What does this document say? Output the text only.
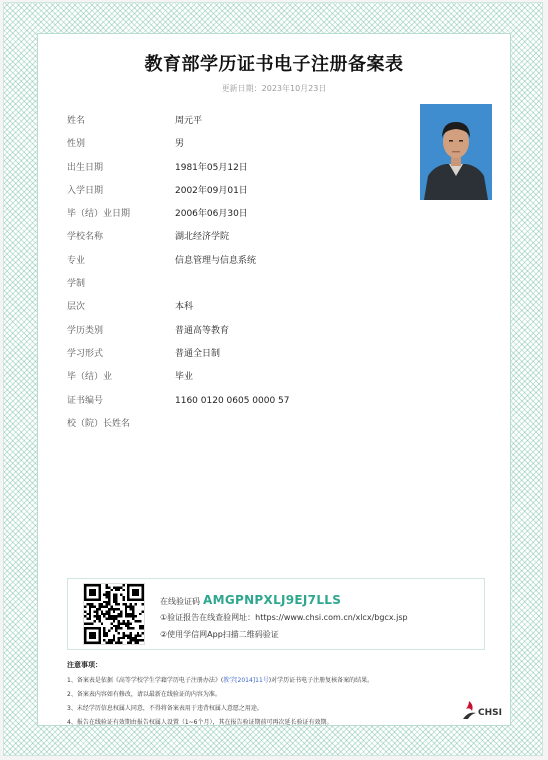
教育部学历证书电子注册备案表
更新日期：2023年10月23日
姓名	周元平
性别	男
出生日期	1981年05月12日
入学日期	2002年09月01日
毕（结）业日期	2006年06月30日
学校名称	湖北经济学院
专业	信息管理与信息系统
学制
层次	本科
学历类别	普通高等教育
学习形式	普通全日制
毕（结）业	毕业
证书编号	1160 0120 0605 0000 57
校（院）长姓名
在线验证码 AMGPNPXLJ9EJ7LLS
①验证报告在线查验网址：https://www.chsi.com.cn/xlcx/bgcx.jsp
②使用学信网App扫描二维码验证
注意事项：
1、备案表是依据《高等学校学生学籍学历电子注册办法》(教学[2014]11号)对学历证书电子注册复核备案的结果。
2、备案表内容如有修改，请以最新在线验证的内容为准。
3、未经学历信息权属人同意，不得将备案表用于违背权属人意愿之用途。
4、报告在线验证有效期由报告权属人设置（1~6个月），其在报告验证期前可再次延长验证有效期。
CHSI
